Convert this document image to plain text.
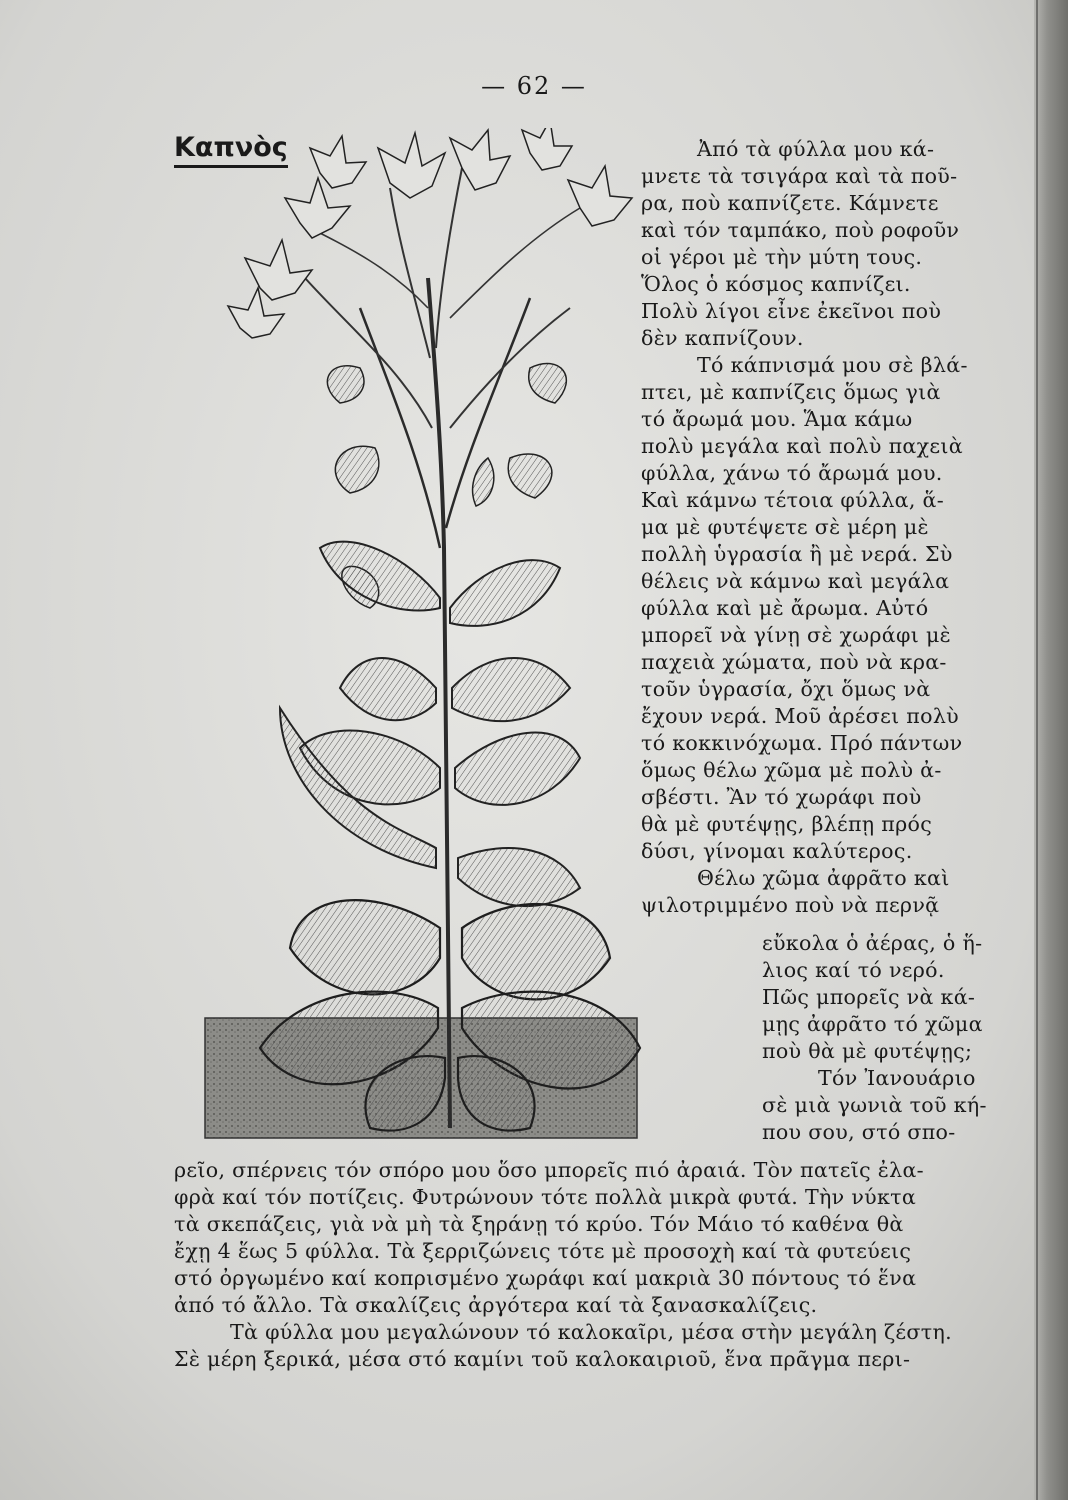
— 62 —
Καπνὸς	Ἀπό τὰ φύλλα μου κά-
μνετε τὰ τσιγάρα καὶ τὰ ποῦ-
ρα, ποὺ καπνίζετε. Κάμνετε
καὶ τόν ταμπάκο, ποὺ ροφοῦν
οἱ γέροι μὲ τὴν μύτη τους.
Ὅλος ὁ κόσμος καπνίζει.
Πολὺ λίγοι εἶνε ἐκεῖνοι ποὺ
δὲν καπνίζουν.
Τό κάπνισμά μου σὲ βλά-
πτει, μὲ καπνίζεις ὅμως γιὰ
τό ἄρωμά μου. Ἅμα κάμω
πολὺ μεγάλα καὶ πολὺ παχειὰ
φύλλα, χάνω τό ἄρωμά μου.
Καὶ κάμνω τέτοια φύλλα, ἅ-
μα μὲ φυτέψετε σὲ μέρη μὲ
πολλὴ ὑγρασία ἢ μὲ νερά. Σὺ
θέλεις νὰ κάμνω καὶ μεγάλα
φύλλα καὶ μὲ ἄρωμα. Αὐτό
μπορεῖ νὰ γίνῃ σὲ χωράφι μὲ
παχειὰ χώματα, ποὺ νὰ κρα-
τοῦν ὑγρασία, ὄχι ὅμως νὰ
ἔχουν νερά. Μοῦ ἀρέσει πολὺ
τό κοκκινόχωμα. Πρό πάντων
ὅμως θέλω χῶμα μὲ πολὺ ἀ-
σβέστι. Ἂν τό χωράφι ποὺ
θὰ μὲ φυτέψῃς, βλέπῃ πρός
δύσι, γίνομαι καλύτερος.
Θέλω χῶμα ἀφρᾶτο καὶ
ψιλοτριμμένο ποὺ νὰ περνᾷ
εὔκολα ὁ ἀέρας, ὁ ἥ-
λιος καί τό νερό.
Πῶς μπορεῖς νὰ κά-
μῃς ἀφρᾶτο τό χῶμα
ποὺ θὰ μὲ φυτέψῃς;
Τόν Ἰανουάριο
σὲ μιὰ γωνιὰ τοῦ κή-
που σου, στό σπο-
ρεῖο, σπέρνεις τόν σπόρο μου ὅσο μπορεῖς πιό ἀραιά. Τὸν πατεῖς ἐλα-
φρὰ καί τόν ποτίζεις. Φυτρώνουν τότε πολλὰ μικρὰ φυτά. Τὴν νύκτα
τὰ σκεπάζεις, γιὰ νὰ μὴ τὰ ξηράνῃ τό κρύο. Τόν Μάιο τό καθένα θὰ
ἔχῃ 4 ἕως 5 φύλλα. Τὰ ξερριζώνεις τότε μὲ προσοχὴ καί τὰ φυτεύεις
στό ὀργωμένο καί κοπρισμένο χωράφι καί μακριὰ 30 πόντους τό ἕνα
ἀπό τό ἄλλο. Τὰ σκαλίζεις ἀργότερα καί τὰ ξανασκαλίζεις.
Τὰ φύλλα μου μεγαλώνουν τό καλοκαῖρι, μέσα στὴν μεγάλη ζέστη.
Σὲ μέρη ξερικά, μέσα στό καμίνι τοῦ καλοκαιριοῦ, ἕνα πρᾶγμα περι-
